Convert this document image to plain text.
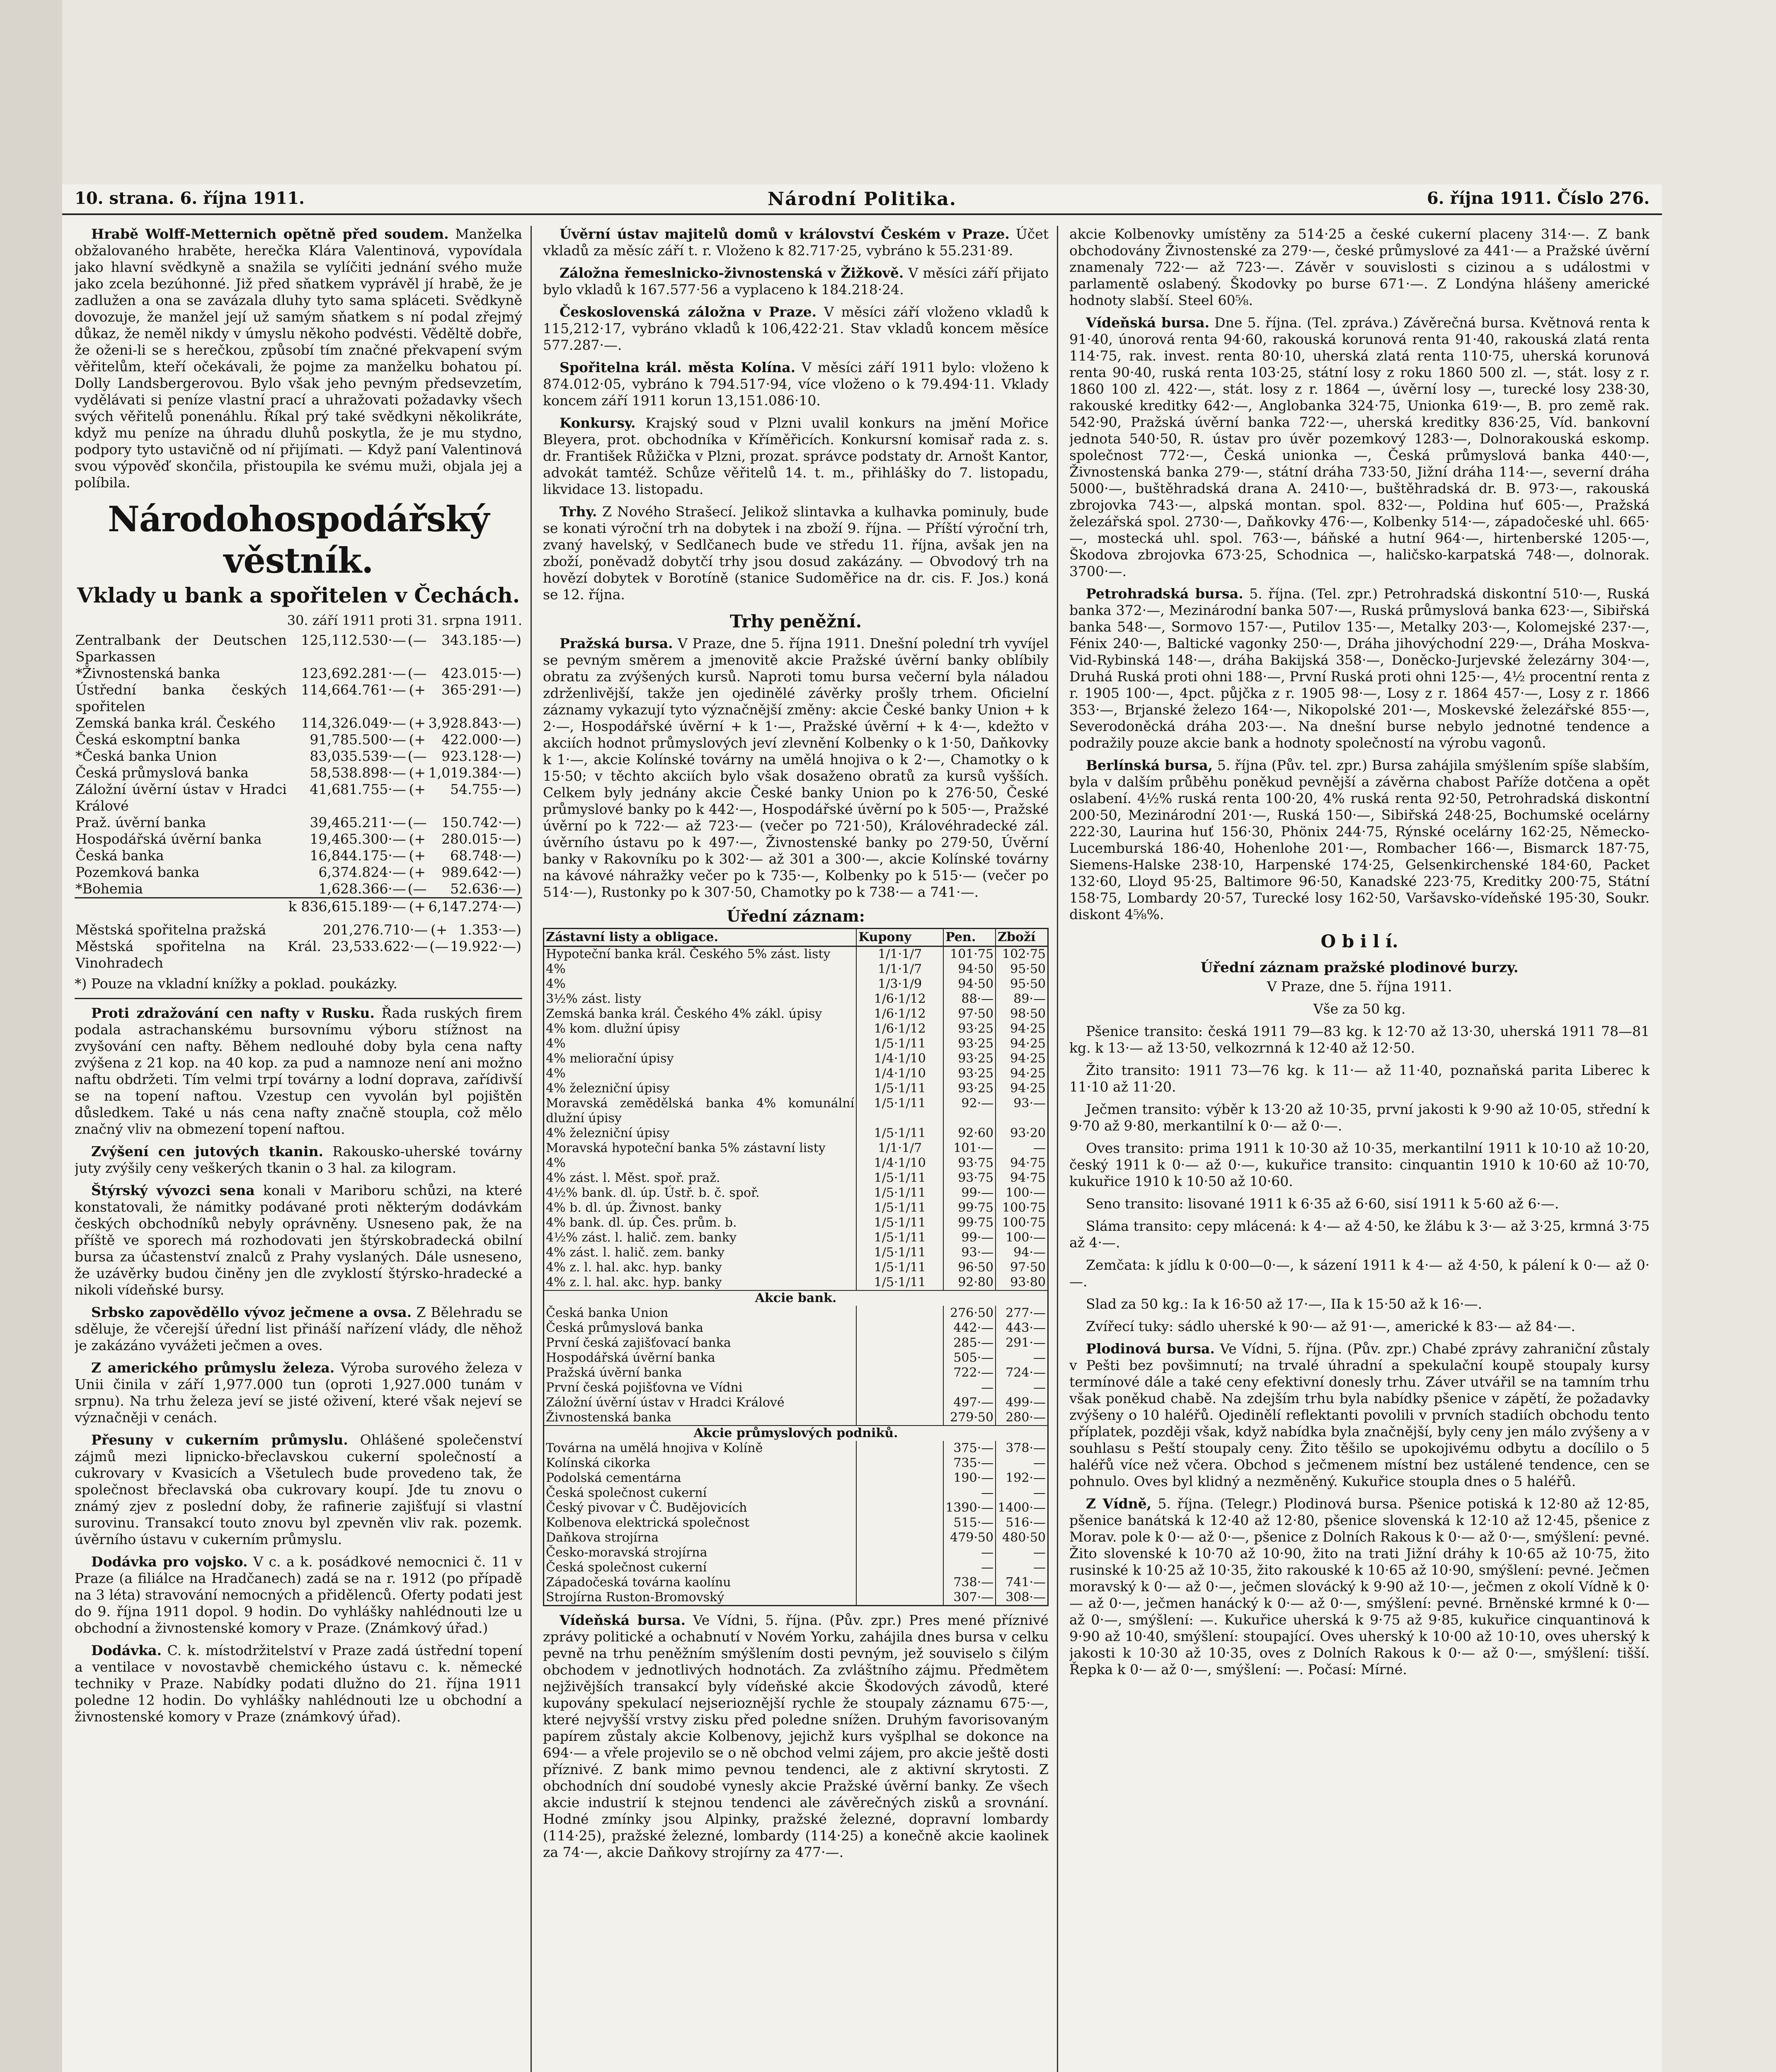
10. strana. 6. října 1911.	Národní Politika.	6. října 1911. Číslo 276.

Hrabě Wolff-Metternich opětně před soudem. Manželka obžalovaného hraběte, herečka Klára Valentinová, vypovídala jako hlavní svědkyně a snažila se vylíčiti jednání svého muže jako zcela bezúhonné. Již před sňatkem vyprávěl jí hrabě, že je zadlužen a ona se zavázala dluhy tyto sama spláceti. Svědkyně dovozuje, že manžel její už samým sňatkem s ní podal zřejmý důkaz, že neměl nikdy v úmyslu někoho podvésti. Věděltě dobře, že oženi-li se s herečkou, způsobí tím značné překvapení svým věřitelům, kteří očekávali, že pojme za manželku bohatou pí. Dolly Landsbergerovou. Bylo však jeho pevným předsevzetím, vydělávati si peníze vlastní prací a uhražovati požadavky všech svých věřitelů ponenáhlu. Říkal prý také svědkyni několikráte, když mu peníze na úhradu dluhů poskytla, že je mu stydno, podpory tyto ustavičně od ní přijímati. — Když paní Valentinová svou výpověď skončila, přistoupila ke svému muži, objala jej a políbila.

Národohospodářský věstník.
Vklady u bank a spořitelen v Čechách.
30. září 1911 proti 31. srpna 1911.
Zentralbank der Deutschen Sparkassen	125,112.530·—	(—	343.185·—)
*Živnostenská banka	123,692.281·—	(—	423.015·—)
Ústřední banka českých spořitelen	114,664.761·—	(+	365·291·—)
Zemská banka král. Českého	114,326.049·—	(+	3,928.843·—)
Česká eskomptní banka	91,785.500·—	(+	422.000·—)
*Česká banka Union	83,035.539·—	(—	923.128·—)
Česká průmyslová banka	58,538.898·—	(+	1,019.384·—)
Záložní úvěrní ústav v Hradci Králové	41,681.755·—	(+	54.755·—)
Praž. úvěrní banka	39,465.211·—	(—	150.742·—)
Hospodářská úvěrní banka	19,465.300·—	(+	280.015·—)
Česká banka	16,844.175·—	(+	68.748·—)
Pozemková banka	6,374.824·—	(+	989.642·—)
*Bohemia	1,628.366·—	(—	52.636·—)
	k 836,615.189·—	(+	6,147.274·—)
Městská spořitelna pražská	201,276.710·—	(+	1.353·—)
Městská spořitelna na Král. Vinohradech	23,533.622·—	(—	19.922·—)

*) Pouze na vkladní knížky a poklad. poukázky.

Proti zdražování cen nafty v Rusku. Řada ruských firem podala astrachanskému bursovnímu výboru stížnost na zvyšování cen nafty. Během nedlouhé doby byla cena nafty zvýšena z 21 kop. na 40 kop. za pud a namnoze není ani možno naftu obdržeti. Tím velmi trpí továrny a lodní doprava, zařídivší se na topení naftou. Vzestup cen vyvolán byl pojištěn důsledkem. Také u nás cena nafty značně stoupla, což mělo značný vliv na obmezení topení naftou.

Zvýšení cen jutových tkanin. Rakousko-uherské továrny juty zvýšily ceny veškerých tkanin o 3 hal. za kilogram.

Štýrský vývozci sena konali v Mariboru schůzi, na které konstatovali, že námitky podávané proti některým dodávkám českých obchodníků nebyly oprávněny. Usneseno pak, že na příště ve sporech má rozhodovati jen štýrskobradecká obilní bursa za účastenství znalců z Prahy vyslaných. Dále usneseno, že uzávěrky budou činěny jen dle zvyklostí štýrsko-hradecké a nikoli vídeňské bursy.

Srbsko zapověděllo vývoz ječmene a ovsa. Z Bělehradu se sděluje, že včerejší úřední list přináší nařízení vlády, dle něhož je zakázáno vyvážeti ječmen a oves.

Z amerického průmyslu železa. Výroba surového železa v Unii činila v září 1,977.000 tun (oproti 1,927.000 tunám v srpnu). Na trhu železa jeví se jisté oživení, které však nejeví se význačněji v cenách.

Přesuny v cukerním průmyslu. Ohlášené společenství zájmů mezi lipnicko-břeclavskou cukerní společností a cukrovary v Kvasicích a Všetulech bude provedeno tak, že společnost břeclavská oba cukrovary koupí. Jde tu znovu o známý zjev z poslední doby, že rafinerie zajišťují si vlastní surovinu. Transakcí touto znovu byl zpevněn vliv rak. pozemk. úvěrního ústavu v cukerním průmyslu.

Dodávka pro vojsko. V c. a k. posádkové nemocnici č. 11 v Praze (a filiálce na Hradčanech) zadá se na r. 1912 (po případě na 3 léta) stravování nemocných a přidělenců. Oferty podati jest do 9. října 1911 dopol. 9 hodin. Do vyhlášky nahlédnouti lze u obchodní a živnostenské komory v Praze. (Známkový úřad.)

Dodávka. C. k. místodržitelství v Praze zadá ústřední topení a ventilace v novostavbě chemického ústavu c. k. německé techniky v Praze. Nabídky podati dlužno do 21. října 1911 poledne 12 hodin. Do vyhlášky nahlédnouti lze u obchodní a živnostenské komory v Praze (známkový úřad).

Úvěrní ústav majitelů domů v království Českém v Praze. Účet vkladů za měsíc září t. r. Vloženo k 82.717·25, vybráno k 55.231·89.

Záložna řemeslnicko-živnostenská v Žižkově. V měsíci září přijato bylo vkladů k 167.577·56 a vyplaceno k 184.218·24.

Československá záložna v Praze. V měsíci září vloženo vkladů k 115,212·17, vybráno vkladů k 106,422·21. Stav vkladů koncem měsíce 577.287·—.

Spořitelna král. města Kolína. V měsíci září 1911 bylo: vloženo k 874.012·05, vybráno k 794.517·94, více vloženo o k 79.494·11. Vklady koncem září 1911 korun 13,151.086·10.

Konkursy. Krajský soud v Plzni uvalil konkurs na jmění Mořice Bleyera, prot. obchodníka v Kříměřicích. Konkursní komisař rada z. s. dr. František Růžička v Plzni, prozat. správce podstaty dr. Arnošt Kantor, advokát tamtéž. Schůze věřitelů 14. t. m., přihlášky do 7. listopadu, likvidace 13. listopadu.

Trhy. Z Nového Strašecí. Jelikož slintavka a kulhavka pominuly, bude se konati výroční trh na dobytek i na zboží 9. října. — Příští výroční trh, zvaný havelský, v Sedlčanech bude ve středu 11. října, avšak jen na zboží, poněvadž dobytčí trhy jsou dosud zakázány. — Obvodový trh na hovězí dobytek v Borotíně (stanice Sudoměřice na dr. cis. F. Jos.) koná se 12. října.

Trhy peněžní.

Pražská bursa. V Praze, dne 5. října 1911. Dnešní polední trh vyvíjel se pevným směrem a jmenovitě akcie Pražské úvěrní banky oblíbily obratu za zvýšených kursů. Naproti tomu bursa večerní byla náladou zdrženlivější, takže jen ojedinělé závěrky prošly trhem. Oficielní záznamy vykazují tyto význačnější změny: akcie České banky Union + k 2·—, Hospodářské úvěrní + k 1·—, Pražské úvěrní + k 4·—, kdežto v akciích hodnot průmyslových jeví zlevnění Kolbenky o k 1·50, Daňkovky k 1·—, akcie Kolínské továrny na umělá hnojiva o k 2·—, Chamotky o k 15·50; v těchto akciích bylo však dosaženo obratů za kursů vyšších. Celkem byly jednány akcie České banky Union po k 276·50, České průmyslové banky po k 442·—, Hospodářské úvěrní po k 505·—, Pražské úvěrní po k 722·— až 723·— (večer po 721·50), Královéhradecké zál. úvěrního ústavu po k 497·—, Živnostenské banky po 279·50, Úvěrní banky v Rakovníku po k 302·— až 301 a 300·—, akcie Kolínské továrny na kávové náhražky večer po k 735·—, Kolbenky po k 515·— (večer po 514·—), Rustonky po k 307·50, Chamotky po k 738·— a 741·—.

Úřední záznam:
Zástavní listy a obligace.	Kupony	Pen.	Zboží
Hypoteční banka král. Českého 5% zást. listy	1/1·1/7	101·75	102·75
4%	1/1·1/7	94·50	95·50
4%	1/3·1/9	94·50	95·50
3½% zást. listy	1/6·1/12	88·—	89·—
Zemská banka král. Českého 4% zákl. úpisy	1/6·1/12	97·50	98·50
4% kom. dlužní úpisy	1/6·1/12	93·25	94·25
4%	1/5·1/11	93·25	94·25
4% meliorační úpisy	1/4·1/10	93·25	94·25
4%	1/4·1/10	93·25	94·25
4% železniční úpisy	1/5·1/11	93·25	94·25
Moravská zemědělská banka 4% komunální dlužní úpisy	1/5·1/11	92·—	93·—
4% železniční úpisy	1/5·1/11	92·60	93·20
Moravská hypoteční banka 5% zástavní listy	1/1·1/7	101·—	—
4%	1/4·1/10	93·75	94·75
4% zást. l. Měst. spoř. praž.	1/5·1/11	93·75	94·75
4½% bank. dl. úp. Ústř. b. č. spoř.	1/5·1/11	99·—	100·—
4% b. dl. úp. Živnost. banky	1/5·1/11	99·75	100·75
4% bank. dl. úp. Čes. prům. b.	1/5·1/11	99·75	100·75
4½% zást. l. halič. zem. banky	1/5·1/11	99·—	100·—
4% zást. l. halič. zem. banky	1/5·1/11	93·—	94·—
4% z. l. hal. akc. hyp. banky	1/5·1/11	96·50	97·50
4% z. l. hal. akc. hyp. banky	1/5·1/11	92·80	93·80
Akcie bank.			
Česká banka Union		276·50	277·—
Česká průmyslová banka		442·—	443·—
První česká zajišťovací banka		285·—	291·—
Hospodářská úvěrní banka		505·—	—
Pražská úvěrní banka		722·—	724·—
První česká pojišťovna ve Vídni		—	—
Záložní úvěrní ústav v Hradci Králové		497·—	499·—
Živnostenská banka		279·50	280·—
Akcie průmyslových podniků.			
Továrna na umělá hnojiva v Kolíně		375·—	378·—
Kolínská cikorka		735·—	—
Podolská cementárna		190·—	192·—
Česká společnost cukerní		—	—
Český pivovar v Č. Budějovicích		1390·—	1400·—
Kolbenova elektrická společnost		515·—	516·—
Daňkova strojírna		479·50	480·50
Česko-moravská strojírna		—	—
Česká společnost cukerní		—	—
Západočeská továrna kaolínu		738·—	741·—
Strojírna Ruston-Bromovský		307·—	308·—

Vídeňská bursa. Ve Vídni, 5. října. (Pův. zpr.) Pres mené příznivé zprávy politické a ochabnutí v Novém Yorku, zahájila dnes bursa v celku pevně na trhu peněžním smýšlením dosti pevným, jež souviselo s čilým obchodem v jednotlivých hodnotách. Za zvláštního zájmu. Předmětem nejživějších transakcí byly vídeňské akcie Škodových závodů, které kupovány spekulací nejserioznější rychle že stoupaly záznamu 675·—, které nejvyšší vrstvy zisku před poledne snížen. Druhým favorisovaným papírem zůstaly akcie Kolbenovy, jejichž kurs vyšplhal se dokonce na 694·— a vřele projevilo se o ně obchod velmi zájem, pro akcie ještě dosti příznivé. Z bank mimo pevnou tendenci, ale z aktivní skrytosti. Z obchodních dní soudobé vynesly akcie Pražské úvěrní banky. Ze všech akcie industrií k stejnou tendenci ale závěrečných zisků a srovnání. Hodné zmínky jsou Alpinky, pražské železné, dopravní lombardy (114·25), pražské železné, lombardy (114·25) a konečně akcie kaolinek za 74·—, akcie Daňkovy strojírny za 477·—.

akcie Kolbenovky umístěny za 514·25 a české cukerní placeny 314·—. Z bank obchodovány Živnostenské za 279·—, české průmyslové za 441·— a Pražské úvěrní znamenaly 722·— až 723·—. Závěr v souvislosti s cizinou a s událostmi v parlamentě oslabený. Škodovky po burse 671·—. Z Londýna hlášeny americké hodnoty slabší. Steel 60⅝.

Vídeňská bursa. Dne 5. října. (Tel. zpráva.) Závěrečná bursa. Květnová renta k 91·40, únorová renta 94·60, rakouská korunová renta 91·40, rakouská zlatá renta 114·75, rak. invest. renta 80·10, uherská zlatá renta 110·75, uherská korunová renta 90·40, ruská renta 103·25, státní losy z roku 1860 500 zl. —, stát. losy z r. 1860 100 zl. 422·—, stát. losy z r. 1864 —, úvěrní losy —, turecké losy 238·30, rakouské kreditky 642·—, Anglobanka 324·75, Unionka 619·—, B. pro země rak. 542·90, Pražská úvěrní banka 722·—, uherská kreditky 836·25, Víd. bankovní jednota 540·50, R. ústav pro úvěr pozemkový 1283·—, Dolnorakouská eskomp. společnost 772·—, Česká unionka —, Česká průmyslová banka 440·—, Živnostenská banka 279·—, státní dráha 733·50, Jižní dráha 114·—, severní dráha 5000·—, buštěhradská drana A. 2410·—, buštěhradská dr. B. 973·—, rakouská zbrojovka 743·—, alpská montan. spol. 832·—, Poldina huť 605·—, Pražská železářská spol. 2730·—, Daňkovky 476·—, Kolbenky 514·—, západočeské uhl. 665·—, mostecká uhl. spol. 763·—, báňské a hutní 964·—, hirtenberské 1205·—, Škodova zbrojovka 673·25, Schodnica —, haličsko-karpatská 748·—, dolnorak. 3700·—.

Petrohradská bursa. 5. října. (Tel. zpr.) Petrohradská diskontní 510·—, Ruská banka 372·—, Mezinárodní banka 507·—, Ruská průmyslová banka 623·—, Sibiřská banka 548·—, Sormovo 157·—, Putilov 135·—, Metalky 203·—, Kolomejské 237·—, Fénix 240·—, Baltické vagonky 250·—, Dráha jihovýchodní 229·—, Dráha Moskva-Vid-Rybinská 148·—, dráha Bakijská 358·—, Doněcko-Jurjevské železárny 304·—, Druhá Ruská proti ohni 188·—, První Ruská proti ohni 125·—, 4½ procentní renta z r. 1905 100·—, 4pct. půjčka z r. 1905 98·—, Losy z r. 1864 457·—, Losy z r. 1866 353·—, Brjanské železo 164·—, Nikopolské 201·—, Moskevské železářské 855·—, Severodoněcká dráha 203·—. Na dnešní burse nebylo jednotné tendence a podražily pouze akcie bank a hodnoty společností na výrobu vagonů.

Berlínská bursa, 5. října (Pův. tel. zpr.) Bursa zahájila smýšlením spíše slabším, byla v dalším průběhu poněkud pevnější a závěrna chabost Paříže dotčena a opět oslabení. 4½% ruská renta 100·20, 4% ruská renta 92·50, Petrohradská diskontní 200·50, Mezinárodní 201·—, Ruská 150·—, Sibiřská 248·25, Bochumské ocelárny 222·30, Laurina huť 156·30, Phönix 244·75, Rýnské ocelárny 162·25, Německo-Lucemburská 186·40, Hohenlohe 201·—, Rombacher 166·—, Bismarck 187·75, Siemens-Halske 238·10, Harpenské 174·25, Gelsenkirchenské 184·60, Packet 132·60, Lloyd 95·25, Baltimore 96·50, Kanadské 223·75, Kreditky 200·75, Státní 158·75, Lombardy 20·57, Turecké losy 162·50, Varšavsko-vídeňské 195·30, Soukr. diskont 4⅝%.

O b i l í.
Úřední záznam pražské plodinové burzy.

V Praze, dne 5. října 1911.

Vše za 50 kg.

Pšenice transito: česká 1911 79—83 kg. k 12·70 až 13·30, uherská 1911 78—81 kg. k 13·— až 13·50, velkozrnná k 12·40 až 12·50.

Žito transito: 1911 73—76 kg. k 11·— až 11·40, poznaňská parita Liberec k 11·10 až 11·20.

Ječmen transito: výběr k 13·20 až 10·35, první jakosti k 9·90 až 10·05, střední k 9·70 až 9·80, merkantilní k 0·— až 0·—.

Oves transito: prima 1911 k 10·30 až 10·35, merkantilní 1911 k 10·10 až 10·20, český 1911 k 0·— až 0·—, kukuřice transito: cinquantin 1910 k 10·60 až 10·70, kukuřice 1910 k 10·50 až 10·60.

Seno transito: lisované 1911 k 6·35 až 6·60, sisí 1911 k 5·60 až 6·—.

Sláma transito: cepy mlácená: k 4·— až 4·50, ke žlábu k 3·— až 3·25, krmná 3·75 až 4·—.

Zemčata: k jídlu k 0·00—0·—, k sázení 1911 k 4·— až 4·50, k pálení k 0·— až 0·—.

Slad za 50 kg.: Ia k 16·50 až 17·—, IIa k 15·50 až k 16·—.

Zvířecí tuky: sádlo uherské k 90·— až 91·—, americké k 83·— až 84·—.

Plodinová bursa. Ve Vídni, 5. října. (Pův. zpr.) Chabé zprávy zahraniční zůstaly v Pešti bez povšimnutí; na trvalé úhradní a spekulační koupě stoupaly kursy termínové dále a také ceny efektivní donesly trhu. Záver utvářil se na tamním trhu však poněkud chabě. Na zdejším trhu byla nabídky pšenice v zápětí, že požadavky zvýšeny o 10 haléřů. Ojedinělí reflektanti povolili v prvních stadiích obchodu tento příplatek, později však, když nabídka byla značnější, byly ceny jen málo zvýšeny a v souhlasu s Peští stoupaly ceny. Žito těšilo se upokojivému odbytu a docílilo o 5 haléřů více než včera. Obchod s ječmenem místní bez ustálené tendence, cen se pohnulo. Oves byl klidný a nezměněný. Kukuřice stoupla dnes o 5 haléřů.

Z Vídně, 5. října. (Telegr.) Plodinová bursa. Pšenice potiská k 12·80 až 12·85, pšenice banátská k 12·40 až 12·80, pšenice slovenská k 12·10 až 12·45, pšenice z Morav. pole k 0·— až 0·—, pšenice z Dolních Rakous k 0·— až 0·—, smýšlení: pevné. Žito slovenské k 10·70 až 10·90, žito na trati Jižní dráhy k 10·65 až 10·75, žito rusinské k 10·25 až 10·35, žito rakouské k 10·65 až 10·90, smýšlení: pevné. Ječmen moravský k 0·— až 0·—, ječmen slovácký k 9·90 až 10·—, ječmen z okolí Vídně k 0·— až 0·—, ječmen hanácký k 0·— až 0·—, smýšlení: pevné. Brněnské krmné k 0·— až 0·—, smýšlení: —. Kukuřice uherská k 9·75 až 9·85, kukuřice cinquantinová k 9·90 až 10·40, smýšlení: stoupající. Oves uherský k 10·00 až 10·10, oves uherský k jakosti k 10·30 až 10·35, oves z Dolních Rakous k 0·— až 0·—, smýšlení: tišší. Řepka k 0·— až 0·—, smýšlení: —. Počasí: Mírné.
